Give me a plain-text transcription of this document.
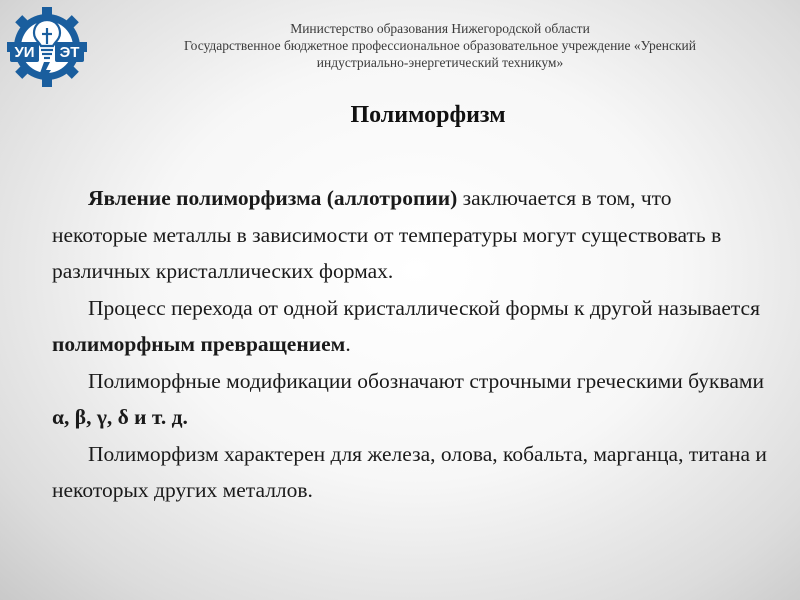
УИ ЭТ
Министерство образования Нижегородской области
Государственное бюджетное профессиональное образовательное учреждение «Уренский
индустриально-энергетический техникум»
Полиморфизм

Явление полиморфизма (аллотропии) заключается в том, что некоторые металлы в зависимости от температуры могут существовать в различных кристаллических формах.

Процесс перехода от одной кристаллической формы к другой называется полиморфным превращением.

Полиморфные модификации обозначают строчными греческими буквами α, β, γ, δ и т. д.

Полиморфизм характерен для железа, олова, кобальта, марганца, титана и некоторых других металлов.
